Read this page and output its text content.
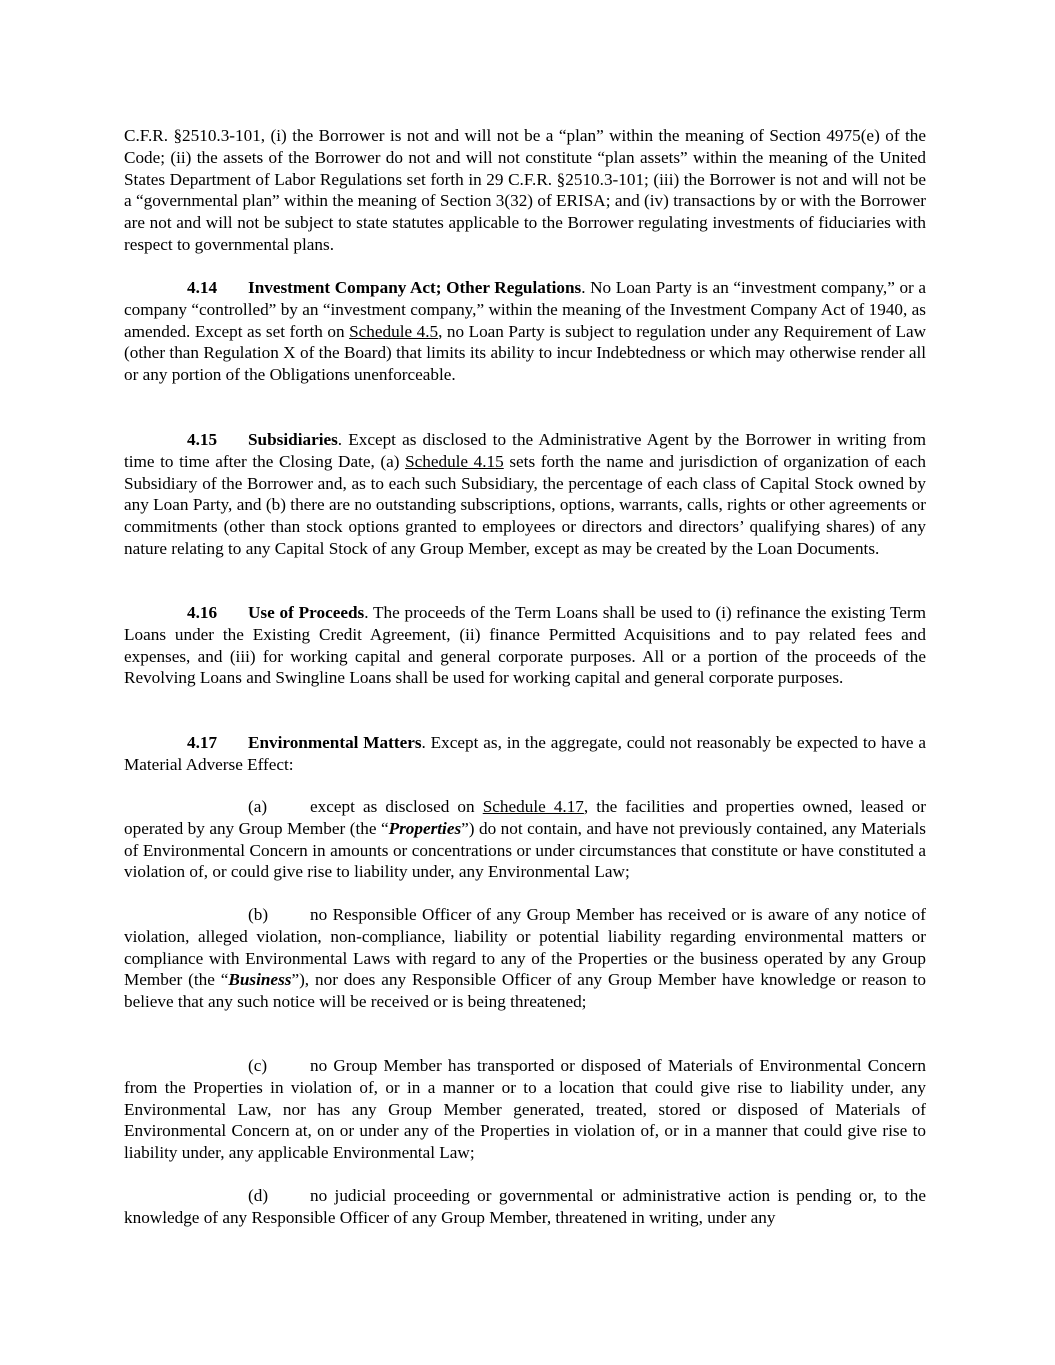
C.F.R. §2510.3-101, (i) the Borrower is not and will not be a “plan” within the meaning of Section 4975(e) of the Code; (ii) the assets of the Borrower do not and will not constitute “plan assets” within the meaning of the United States Department of Labor Regulations set forth in 29 C.F.R. §2510.3-101; (iii) the Borrower is not and will not be a “governmental plan” within the meaning of Section 3(32) of ERISA; and (iv) transactions by or with the Borrower are not and will not be subject to state statutes applicable to the Borrower regulating investments of fiduciaries with respect to governmental plans.

4.14 Investment Company Act; Other Regulations. No Loan Party is an “investment company,” or a company “controlled” by an “investment company,” within the meaning of the Investment Company Act of 1940, as amended. Except as set forth on Schedule 4.5, no Loan Party is subject to regulation under any Requirement of Law (other than Regulation X of the Board) that limits its ability to incur Indebtedness or which may otherwise render all or any portion of the Obligations unenforceable.

4.15 Subsidiaries. Except as disclosed to the Administrative Agent by the Borrower in writing from time to time after the Closing Date, (a) Schedule 4.15 sets forth the name and jurisdiction of organization of each Subsidiary of the Borrower and, as to each such Subsidiary, the percentage of each class of Capital Stock owned by any Loan Party, and (b) there are no outstanding subscriptions, options, warrants, calls, rights or other agreements or commitments (other than stock options granted to employees or directors and directors’ qualifying shares) of any nature relating to any Capital Stock of any Group Member, except as may be created by the Loan Documents.

4.16 Use of Proceeds. The proceeds of the Term Loans shall be used to (i) refinance the existing Term Loans under the Existing Credit Agreement, (ii) finance Permitted Acquisitions and to pay related fees and expenses, and (iii) for working capital and general corporate purposes. All or a portion of the proceeds of the Revolving Loans and Swingline Loans shall be used for working capital and general corporate purposes.

4.17 Environmental Matters. Except as, in the aggregate, could not reasonably be expected to have a Material Adverse Effect:

(a) except as disclosed on Schedule 4.17, the facilities and properties owned, leased or operated by any Group Member (the “Properties”) do not contain, and have not previously contained, any Materials of Environmental Concern in amounts or concentrations or under circumstances that constitute or have constituted a violation of, or could give rise to liability under, any Environmental Law;

(b) no Responsible Officer of any Group Member has received or is aware of any notice of violation, alleged violation, non-compliance, liability or potential liability regarding environmental matters or compliance with Environmental Laws with regard to any of the Properties or the business operated by any Group Member (the “Business”), nor does any Responsible Officer of any Group Member have knowledge or reason to believe that any such notice will be received or is being threatened;

(c) no Group Member has transported or disposed of Materials of Environmental Concern from the Properties in violation of, or in a manner or to a location that could give rise to liability under, any Environmental Law, nor has any Group Member generated, treated, stored or disposed of Materials of Environmental Concern at, on or under any of the Properties in violation of, or in a manner that could give rise to liability under, any applicable Environmental Law;

(d) no judicial proceeding or governmental or administrative action is pending or, to the knowledge of any Responsible Officer of any Group Member, threatened in writing, under any
